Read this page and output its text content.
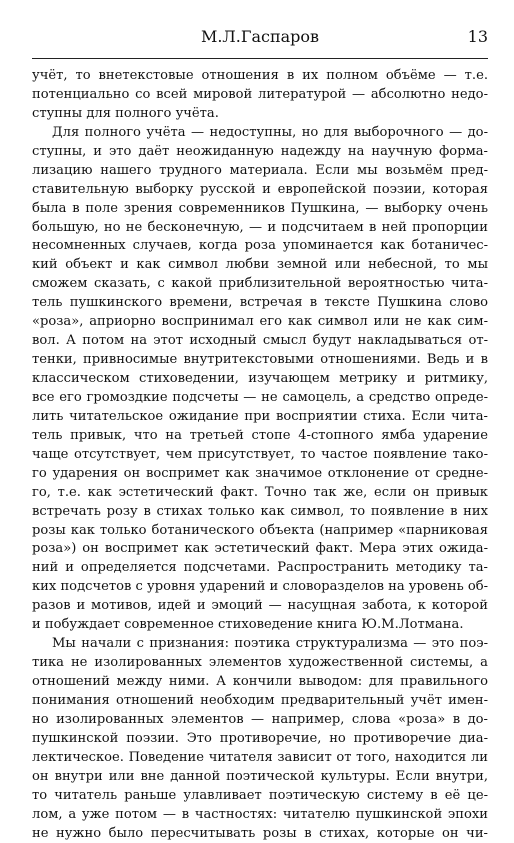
М.Л.Гаспаров	13
учёт, то внетекстовые отношения в их полном объёме — т.е.
потенциально со всей мировой литературой — абсолютно недо-
ступны для полного учёта.
Для полного учёта — недоступны, но для выборочного — до-
ступны, и это даёт неожиданную надежду на научную форма-
лизацию нашего трудного материала. Если мы возьмём пред-
ставительную выборку русской и европейской поэзии, которая
была в поле зрения современников Пушкина, — выборку очень
большую, но не бесконечную, — и подсчитаем в ней пропорции
несомненных случаев, когда роза упоминается как ботаничес-
кий объект и как символ любви земной или небесной, то мы
сможем сказать, с какой приблизительной вероятностью чита-
тель пушкинского времени, встречая в тексте Пушкина слово
«роза», априорно воспринимал его как символ или не как сим-
вол. А потом на этот исходный смысл будут накладываться от-
тенки, привносимые внутритекстовыми отношениями. Ведь и в
классическом стиховедении, изучающем метрику и ритмику,
все его громоздкие подсчеты — не самоцель, а средство опреде-
лить читательское ожидание при восприятии стиха. Если чита-
тель привык, что на третьей стопе 4-стопного ямба ударение
чаще отсутствует, чем присутствует, то частое появление тако-
го ударения он воспримет как значимое отклонение от средне-
го, т.е. как эстетический факт. Точно так же, если он привык
встречать розу в стихах только как символ, то появление в них
розы как только ботанического объекта (например «парниковая
роза») он воспримет как эстетический факт. Мера этих ожида-
ний и определяется подсчетами. Распространить методику та-
ких подсчетов с уровня ударений и словоразделов на уровень об-
разов и мотивов, идей и эмоций — насущная забота, к которой
и побуждает современное стиховедение книга Ю.М.Лотмана.
Мы начали с признания: поэтика структурализма — это поэ-
тика не изолированных элементов художественной системы, а
отношений между ними. А кончили выводом: для правильного
понимания отношений необходим предварительный учёт имен-
но изолированных элементов — например, слова «роза» в до-
пушкинской поэзии. Это противоречие, но противоречие диа-
лектическое. Поведение читателя зависит от того, находится ли
он внутри или вне данной поэтической культуры. Если внутри,
то читатель раньше улавливает поэтическую систему в её це-
лом, а уже потом — в частностях: читателю пушкинской эпохи
не нужно было пересчитывать розы в стихах, которые он чи-
